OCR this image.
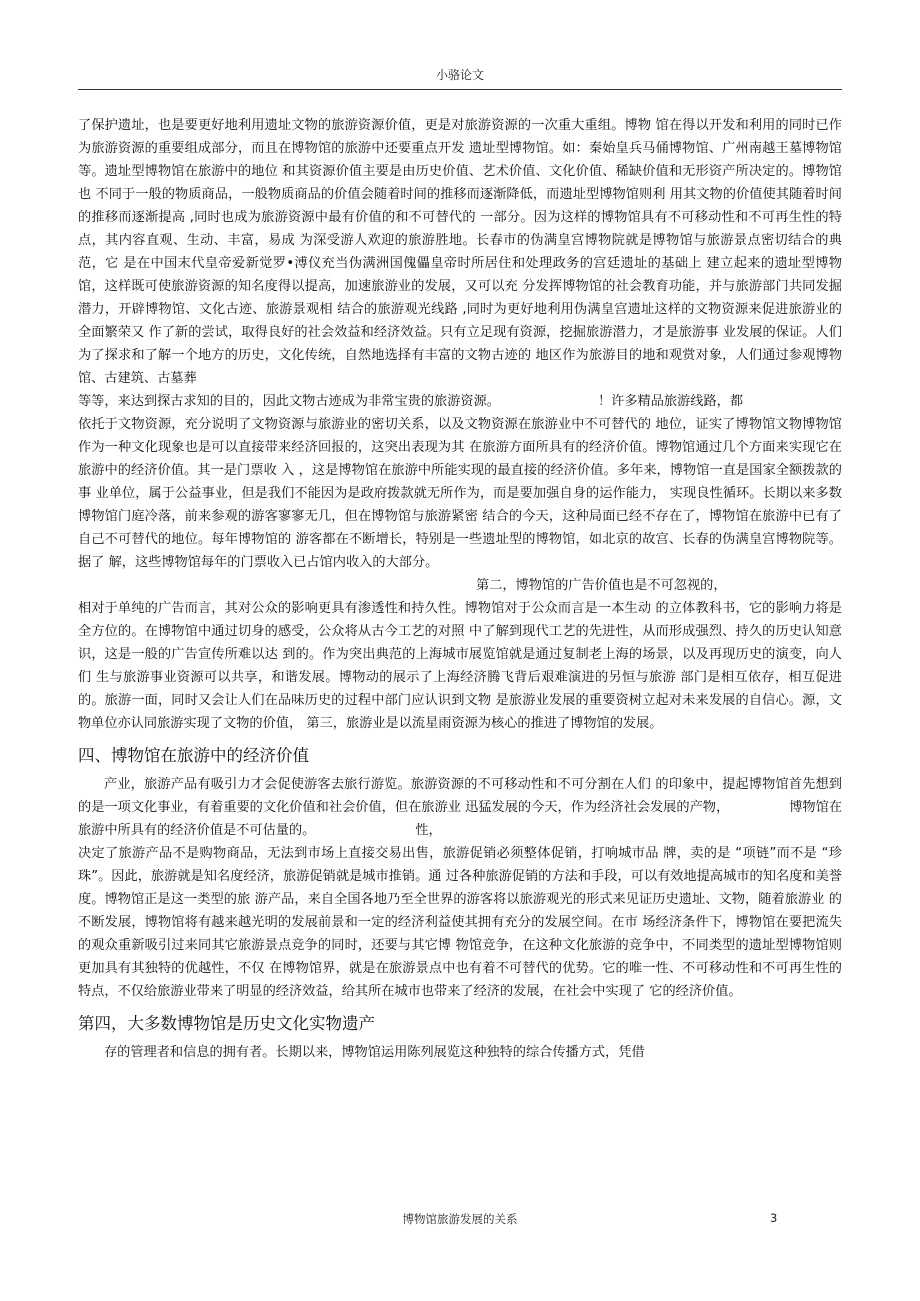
小骆论文

了保护遗址，也是要更好地利用遗址文物的旅游资源价值，更是对旅游资源的一次重大重组。博物 馆在得以开发和利用的同时已作为旅游资源的重要组成部分，而且在博物馆的旅游中还要重点开发 遗址型博物馆。如：秦始皇兵马俑博物馆、广州南越王墓博物馆等。遗址型博物馆在旅游中的地位 和其资源价值主要是由历史价值、艺术价值、文化价值、稀缺价值和无形资产所决定的。博物馆也 不同于一般的物质商品，一般物质商品的价值会随着时间的推移而逐渐降低，而遗址型博物馆则利 用其文物的价值使其随着时间的推移而逐渐提高 ,同时也成为旅游资源中最有价值的和不可替代的 一部分。因为这样的博物馆具有不可移动性和不可再生性的特点，其内容直观、生动、丰富，易成 为深受游人欢迎的旅游胜地。长春市的伪满皇宫博物院就是博物馆与旅游景点密切结合的典范，它 是在中国末代皇帝爱新觉罗•溥仪充当伪满洲国傀儡皇帝时所居住和处理政务的宫廷遗址的基础上 建立起来的遗址型博物馆，这样既可使旅游资源的知名度得以提高，加速旅游业的发展，又可以充 分发挥博物馆的社会教育功能，并与旅游部门共同发掘潜力，开辟博物馆、文化古迹、旅游景观相 结合的旅游观光线路 ,同时为更好地利用伪满皇宫遗址这样的文物资源来促进旅游业的全面繁荣又 作了新的尝试，取得良好的社会效益和经济效益。只有立足现有资源，挖掘旅游潜力，才是旅游事 业发展的保证。人们为了探求和了解一个地方的历史，文化传统，自然地选择有丰富的文物古迹的 地区作为旅游目的地和观赏对象，人们通过参观博物馆、古建筑、古墓葬

等等，来达到探古求知的目的，因此文物古迹成为非常宝贵的旅游资源。	！许多精品旅游线路，都

依托于文物资源，充分说明了文物资源与旅游业的密切关系，以及文物资源在旅游业中不可替代的 地位，证实了博物馆文物博物馆作为一种文化现象也是可以直接带来经济回报的，这突出表现为其 在旅游方面所具有的经济价值。博物馆通过几个方面来实现它在旅游中的经济价值。其一是门票收 入 ，这是博物馆在旅游中所能实现的最直接的经济价值。多年来，博物馆一直是国家全额拨款的事 业单位，属于公益事业，但是我们不能因为是政府拨款就无所作为，而是要加强自身的运作能力， 实现良性循环。长期以来多数博物馆门庭冷落，前来参观的游客寥寥无几，但在博物馆与旅游紧密 结合的今天，这种局面已经不存在了，博物馆在旅游中已有了自己不可替代的地位。每年博物馆的 游客都在不断增长，特别是一些遗址型的博物馆，如北京的故宫、长春的伪满皇宫博物院等。据了 解，这些博物馆每年的门票收入已占馆内收入的大部分。

第二，博物馆的广告价值也是不可忽视的，

相对于单纯的广告而言，其对公众的影响更具有渗透性和持久性。博物馆对于公众而言是一本生动 的立体教科书，它的影响力将是全方位的。在博物馆中通过切身的感受，公众将从古今工艺的对照 中了解到现代工艺的先进性，从而形成强烈、持久的历史认知意识，这是一般的广告宣传所难以达 到的。作为突出典范的上海城市展览馆就是通过复制老上海的场景，以及再现历史的演变，向人们 生与旅游事业资源可以共享，和谐发展。博物动的展示了上海经济腾飞背后艰难演进的另恒与旅游 部门是相互依存，相互促进的。旅游一面，同时又会让人们在品味历史的过程中部门应认识到文物 是旅游业发展的重要资树立起对未来发展的自信心。源，文物单位亦认同旅游实现了文物的价值， 第三，旅游业是以流星雨资源为核心的推进了博物馆的发展。

四、博物馆在旅游中的经济价值

产业，旅游产品有吸引力才会促使游客去旅行游览。旅游资源的不可移动性和不可分割在人们 的印象中，提起博物馆首先想到的是一项文化事业，有着重要的文化价值和社会价值，但在旅游业 迅猛发展的今天，作为经济社会发展的产物，	博物馆在旅游中所具有的经济价值是不可估量的。	性，

决定了旅游产品不是购物商品，无法到市场上直接交易出售，旅游促销必须整体促销，打响城市品 牌，卖的是 “项链”而不是 “珍珠”。因此，旅游就是知名度经济，旅游促销就是城市推销。通 过各种旅游促销的方法和手段，可以有效地提高城市的知名度和美誉度。博物馆正是这一类型的旅 游产品，来自全国各地乃至全世界的游客将以旅游观光的形式来见证历史遗址、文物，随着旅游业 的不断发展，博物馆将有越来越光明的发展前景和一定的经济利益使其拥有充分的发展空间。在市 场经济条件下，博物馆在要把流失的观众重新吸引过来同其它旅游景点竞争的同时，还要与其它博 物馆竞争，在这种文化旅游的竞争中，不同类型的遗址型博物馆则更加具有其独特的优越性，不仅 在博物馆界，就是在旅游景点中也有着不可替代的优势。它的唯一性、不可移动性和不可再生性的 特点，不仅给旅游业带来了明显的经济效益，给其所在城市也带来了经济的发展，在社会中实现了 它的经济价值。

第四，大多数博物馆是历史文化实物遗产

存的管理者和信息的拥有者。长期以来，博物馆运用陈列展览这种独特的综合传播方式，凭借

博物馆旅游发展的关系	3
